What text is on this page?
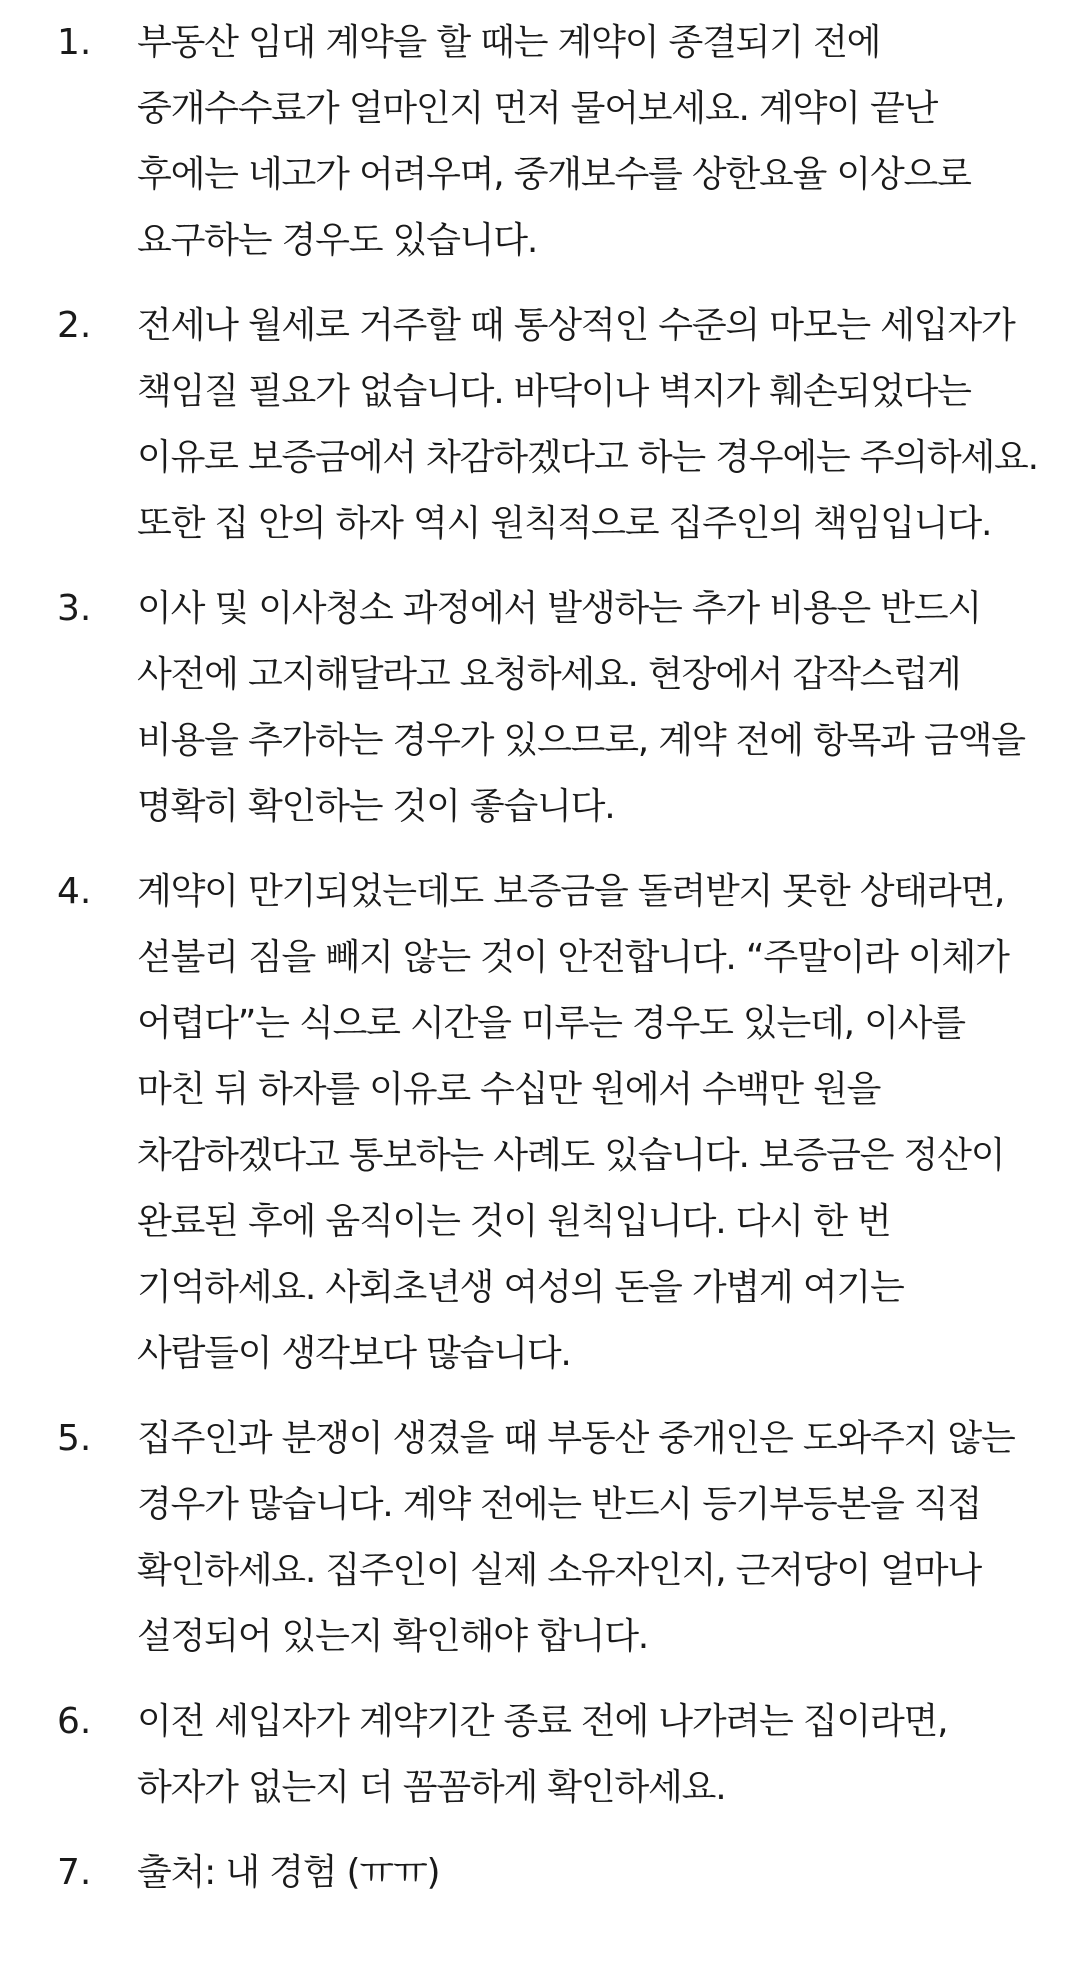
1. 부동산 임대 계약을 할 때는 계약이 종결되기 전에 중개수수료가 얼마인지 먼저 물어보세요. 계약이 끝난 후에는 네고가 어려우며, 중개보수를 상한요율 이상으로 요구하는 경우도 있습니다.
2. 전세나 월세로 거주할 때 통상적인 수준의 마모는 세입자가 책임질 필요가 없습니다. 바닥이나 벽지가 훼손되었다는 이유로 보증금에서 차감하겠다고 하는 경우에는 주의하세요. 또한 집 안의 하자 역시 원칙적으로 집주인의 책임입니다.
3. 이사 및 이사청소 과정에서 발생하는 추가 비용은 반드시 사전에 고지해달라고 요청하세요. 현장에서 갑작스럽게 비용을 추가하는 경우가 있으므로, 계약 전에 항목과 금액을 명확히 확인하는 것이 좋습니다.
4. 계약이 만기되었는데도 보증금을 돌려받지 못한 상태라면, 섣불리 짐을 빼지 않는 것이 안전합니다. “주말이라 이체가 어렵다”는 식으로 시간을 미루는 경우도 있는데, 이사를 마친 뒤 하자를 이유로 수십만 원에서 수백만 원을 차감하겠다고 통보하는 사례도 있습니다. 보증금은 정산이 완료된 후에 움직이는 것이 원칙입니다. 다시 한 번 기억하세요. 사회초년생 여성의 돈을 가볍게 여기는 사람들이 생각보다 많습니다.
5. 집주인과 분쟁이 생겼을 때 부동산 중개인은 도와주지 않는 경우가 많습니다. 계약 전에는 반드시 등기부등본을 직접 확인하세요. 집주인이 실제 소유자인지, 근저당이 얼마나 설정되어 있는지 확인해야 합니다.
6. 이전 세입자가 계약기간 종료 전에 나가려는 집이라면, 하자가 없는지 더 꼼꼼하게 확인하세요.
7. 출처: 내 경험 (ㅠㅠ)
